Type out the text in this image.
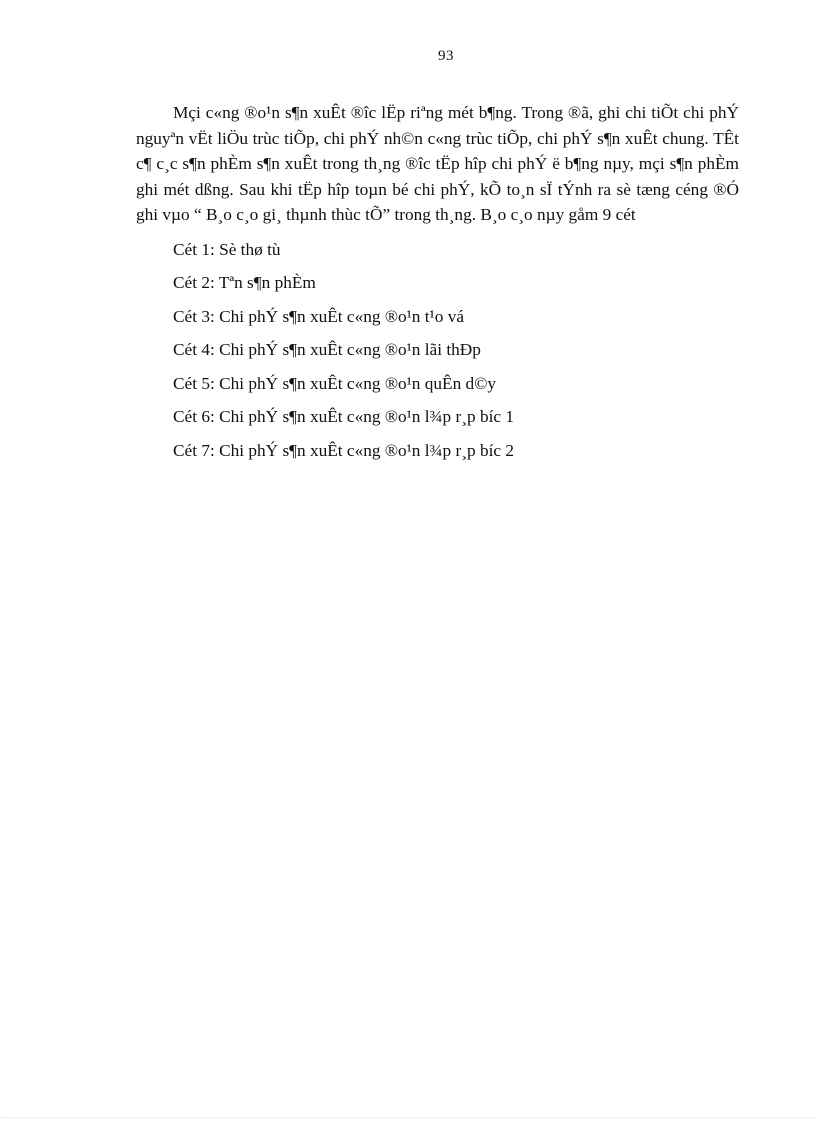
93

Mçi c«ng ®o¹n s¶n xuÊt ®îc lËp riªng mét b¶ng. Trong ®ã, ghi chi tiÕt chi phÝ nguyªn vËt liÖu trùc tiÕp, chi phÝ nh©n c«ng trùc tiÕp, chi phÝ s¶n xuÊt chung. TÊt c¶ c¸c s¶n phÈm s¶n xuÊt trong th¸ng ®îc tËp hîp chi phÝ ë b¶ng nµy, mçi s¶n phÈm ghi mét dßng. Sau khi tËp hîp toµn bé chi phÝ, kÕ to¸n sÏ tÝnh ra sè tæng céng ®Ó ghi vµo “ B¸o c¸o gi¸ thµnh thùc tÕ” trong th¸ng. B¸o c¸o nµy gåm 9 cét

Cét 1: Sè thø tù
Cét 2: Tªn s¶n phÈm
Cét 3: Chi phÝ s¶n xuÊt c«ng ®o¹n t¹o vá
Cét 4: Chi phÝ s¶n xuÊt c«ng ®o¹n lãi thÐp
Cét 5: Chi phÝ s¶n xuÊt c«ng ®o¹n quÊn d©y
Cét 6: Chi phÝ s¶n xuÊt c«ng ®o¹n l¾p r¸p bíc 1
Cét 7: Chi phÝ s¶n xuÊt c«ng ®o¹n l¾p r¸p bíc 2
